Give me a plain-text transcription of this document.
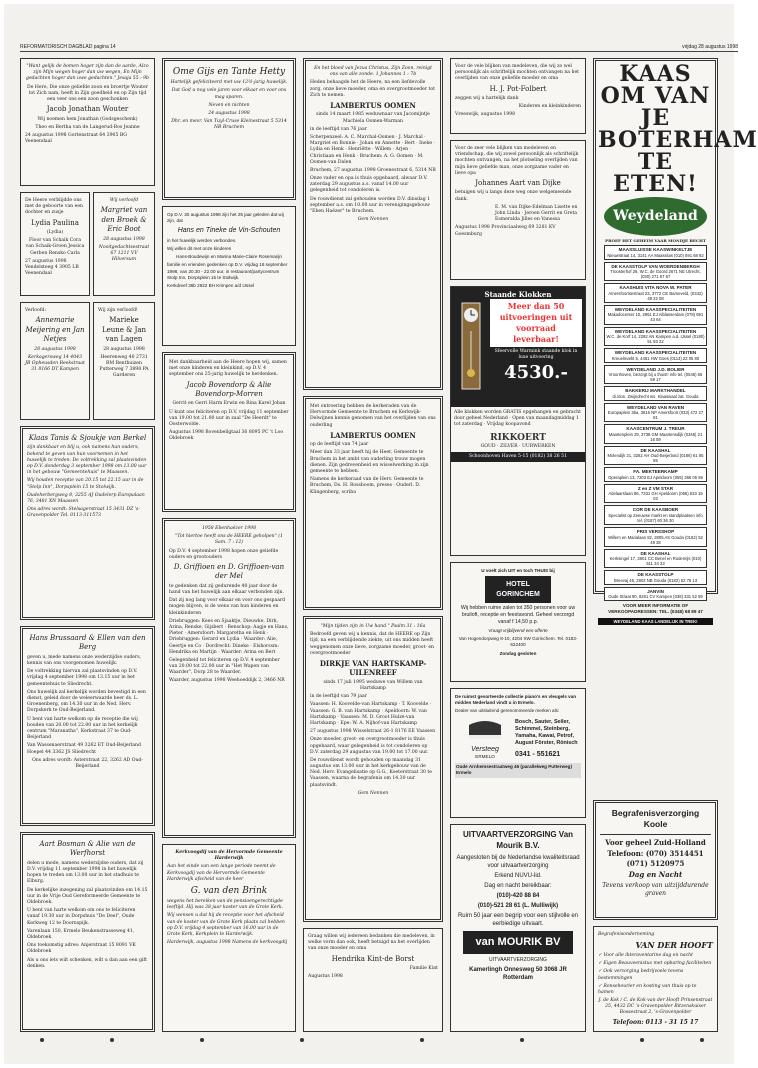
REFORMATORISCH DAGBLAD pagina 14	vrijdag 28 augustus 1998

"Want gelijk de bomen hoger zijn dan de aarde, Alzo zijn Mijn wegen hoger dan uw wegen, En Mijn gedachten hoger dan uwe gedachten." Jesaja 55 : 9b

De Here, Die onze geliefde zoon en broertje Wouter tot Zich nam, heeft in Zijn goedheid en op Zijn tijd een veer ons een zoon geschonken

Jacob Jonathan Wouter

Wij noemen hem Jonathan (Godsgeschenk)

Theo en Bertha van de Langerud-Bos Jeanne

24 augustus 1998 Gortenstraat 64 3905 BG Veenendaal

De Heere verblijdde ons met de geboorte van een dochter en zusje

Lydia Paulina

(Lydia)

Floor van Schaik Cora van Schaik-Groen Jessica Gerben Rensko Carla

27 augustus 1998 Vendelsteeg 4 3905 LB Veenendaal

Wij verloofd

Margriet van den Broek & Eric Boot

28 augustus 1998

Nooitgedachtsestraat 67 1211 VV Hilversum

Verloofd:

Annemarie Meijering en Jan Netjes

28 augustus 1998

Kerkagersweg 14 4043 JB Opheusden Beekstraat 31 8166 DT Kampen

Wij zijn verloofd!

Marieke Leune & Jan van Lagen

28 augustus 1998

Heerenweg 40 2731 BM Benthuizen Putterweg 7 3898 PA Garderen

Klaas Tanis & Sjoukje van Berkel

zijn dankbaar en blij u, ook namens hun ouders, bekend te geven van hun voornemen in het huwelijk te treden. De voltrekking zal plaatsvinden op D.V. donderdag 3 september 1998 om 13.00 uur in het gebouw "Gemeentehuis" te Maassen.

Wij houden receptie van 20.15 tot 22.15 uur in de "Stelp Inn", Dorpsplein 15 te Stolwijk.

Oudeherbergweg 8, 3255 AJ Oudelerp Europalaan 76, 3481 XN Maassen

Ons adres wordt: Stelsagerstraat 15 3431 DZ 's-Gravenpolder Tel. 0113-311573

Hans Brussaard & Ellen van den Berg

geven u, mede namens onze wederzijdse ouders, kennis van ons voorgenomen huwelijk.

De voltrekking hiervan zal plaatsvinden op D.V. vrijdag 4 september 1998 om 13.15 uur in het gemeentehuis te Sliedrecht.

Ons huwelijk zal kerkelijk worden bevestigd in een dienst, geleid door de weleerwaarde heer ds. L. Groenenberg, om 14.30 uur in de Ned. Herv. Dorpskerk te Oud-Beijerland.

U bent van harte welkom op de receptie die wij houden van 20.00 tot 22.00 uur in het kerkelijk centrum "Maranatha", Kerkstraat 37 te Oud-Beijerland

Van Wassenaerstraat 49 3262 ET Oud-Beijerland Hoepel 44 3362 JS Sliedrecht

Ons adres wordt: Asterstraat 22, 3262 AD Oud-Beijerland

Aart Bosman & Alie van de Werfhorst

delen u mede, namens wederzijdse ouders, dat zij D.V. vrijdag 11 september 1998 in het huwelijk hopen te treden om 13.00 uur in het stadhuis te Elburg.

De kerkelijke inzegening zal plaatsvinden om 14.15 uur in de Vrije Oud Gereformeerde Gemeente te Oldebroek.

U bent van harte welkom om ons te feliciteren vanaf 19.30 uur in Dorpshuis "De Deel", Oude Kerkweg 12 te Doornspijk.

Varenlaan 150, Ermelo Beukenstrasseweg 41, Oldebroek

Ons toekomstig adres: Anjerstraat 15 8091 VK Oldebroek

Als u ons iets wilt schenken, wilt u dan aan een gift denken.

Ome Gijs en Tante Hetty

Hartelijk gefeliciteerd met uw 12½-jarig huwelijk.

Dat God u nog vele jaren voor elkaar en voor ons mag sparen.

Neven en nichten

24 augustus 1998

Dhr. en mevr. Van Tuyl-Cruse Kleinestraat 5 5314 NB Bruchem

Op D.V. 30 augustus 1998 zijn het 25 jaar geleden dat wij zijn, dat

Hans en Tineke de Vin-Schouten

in het huwelijk werden verbonden.

Wij willen dit met onze kinderen

Hans-Boudewijn en Marina Marie-Claire Rosemarijn

familie en vrienden gedenken op D.V. vrijdag 18 september 1998, van 20.30 - 22.00 uur, in restaurant/partycentrum Stolp Inn, Dorpsplein 15 te Stolwijk.

Kerkdreef 36b 2922 BH Krimpen a/d IJssel

Met dankbaarheid aan de Heere hopen wij, samen met onze kinderen en kleinkind, op D.V. 4 september ons 25-jarig huwelijk te herdenken.

Jacob Bovendorp & Alie Bovendorp-Morren

Gerrit en Gerri Harm Erwin en Rina Karel Johan

U kunt ons feliciteren op D.V. vrijdag 11 september van 19.00 tot 21.00 uur in zaal "De Heerdt" te Oosterwolde.

Augustus 1998 Bovenbeligtaal 36 8095 PC 't Loo Oldebroek

1958 Ebenhaëzer 1998

"Tot hiertoe heeft ons de HEERE geholpen" (1 Sam. 7 : 12)

Op D.V. 4 september 1998 hopen onze geliefde ouders en grootouders

D. Griffioen en D. Griffioen-van der Mel

te gedenken dat zij gedurende 40 jaar door de hand van het huwelijk aan elkaar verbonden zijn.

Dat zij nog lang voor elkaar en voor ons gespaard mogen blijven, is de wens van hun kinderen en kleinkinderen

Driebruggen: Kees en Sjaaktje, Dieuwke, Dirk, Arina, Renske, Gijsbert · Benschop: Aagje en Hans, Pieter · Amersfoort: Margaretha en Henk · Driebruggen: Gerard en Lydia · Waarder: Alie, Geertje en Co · Dordrecht: Dineke · Elshorssm: Hendrika en Martijn · Waarder: Arina en Bert

Gelegenheid tot feliciteren op D.V. 4 september van 20.00 tot 22.00 uur in "Het Wapen van Waarder", Dorp 28 te Waarder.

Waarder, augustus 1998 Weehoeddijk 2, 3466 NR

Kerkvoogdij van de Hervormde Gemeente Harderwijk

Aan het einde van een lange periode neemt de Kerkvoogdij van de Hervormde Gemeente Harderwijk afscheid van de heer

G. van den Brink

wegens het bereiken van de pensioengerechtigde leeftijd. Hij was 38 jaar koster van de Grote Kerk.

Wij wensen u dat hij de receptie voor het afscheid van de koster van de Grote Kerk plaats zal hebben op D.V. vrijdag 4 september van 16.00 uur in de Grote Kerk, Kerkplein te Harderwijk.

Harderwijk, augustus 1998 Namens de kerkvoogdij

En het bloed van Jezus Christus, Zijn Zoon, reinigt ons van alle zonde. 1 Johannes 1 : 7b

Heden behaagde het de Heere, na een liefdevolle zorg, onze lieve moeder, oma en overgrootmoeder tot Zich te nemen.

LAMBERTUS OOMEN

sinds 14 maart 1985 weduwnaar van Jacomijntje Machiela Oomen-Warman

in de leeftijd van 76 jaar

Scherpenzeel: A. C. Marchal-Oomen · J. Marchal · Margriet en Bonnie · Johan en Annette · Bert · Ineke · Lydia en Henk · Henriëtte · Willem · Arjen · Christiaan en Henk · Bruchem: A. G. Oomen · M. Oomen-van Dalen

Bruchem, 27 augustus 1998 Groenestraat 6, 5314 NB

Onze vader en opa is thuis opgebaard, alwaar D.V. zaterdag 29 augustus a.s. vanaf 14.00 uur gelegenheid tot condoleren is.

De rouwdienst zal gehouden worden D.V. dinsdag 1 september a.s. om 10.00 uur in verenigingsgebouw "Eben Haëzer" te Bruchem.

Gem Nennen

Met ontroering hebben de kerkeraden van de Hervormde Gemeente te Bruchem en Kerkwijk-Delwijnen kennis genomen van het overlijden van ons ouderling

LAMBERTUS OOMEN

op de leeftijd van 74 jaar

Meer dan 33 jaar heeft hij de Heer, Gemeente te Bruchem in het ambt van ouderling trouw mogen dienen. Zijn gedrevenheid en wisselwerking in zijn gemeente te hebben.

Namens de kerkeraad van de Herv. Gemeente te Bruchem, Ds. H. Rossboom, preses · Ouderl. D. Klingenberg, scriba

"Mijn tijden zijn in Uw hand." Psalm 31 : 16a

Bedroefd geven wij u kennis, dat de HEERE op Zijn tijd, na een verblijdende ziekte, uit ons midden heeft weggenomen onze lieve, zorgzame moeder, groot- en overgrootmoeder

DIRKJE VAN HARTSKAMP-UILENREEF

sinds 17 juli 1995 weduwe van Willem van Hartskamp

in de leeftijd van 79 jaar

Vaassen: H. Koovelde-van Hartskamp · T. Koovelde · Vaassen: G. B. van Hartskamp · Apeldoorn: W. van Hartskamp · Vaassen: M. D. Groot Hulze-van Hartskamp · Epe: W. A. Nijhof-van Hartskamp

27 augustus 1998 Wisselstraat 26-1 8176 EE Vaassen

Onze moeder, groot- en overgrootmoeder is thuis opgebaard, waar gelegenheid is tot condoleren op D.V. zaterdag 29 augustus van 19.00 tot 17.00 uur.

De rouwdienst wordt gehouden op maandag 31 augustus om 13.00 uur in het kerkgebouw van de Ned. Herv. Evangelisatie op G.G., Koeterstraat 30 te Vaassen, waarna de begrafenis om 14.30 uur plaatsvindt.

Gem Nennen

Graag willen wij iedereen bedanken die medeleven, in welke vorm dan ook, heeft betuigd na het overlijden van onze moeder en oma

Hendrika Kint-de Borst

Familie Kint

Augustus 1998

Voor de vele blijken van medeleven, die wij zo wel persoonlijk als schriftelijk mochten ontvangen na het overlijden van onze geliefde moeder en oma

H. J. Pot-Folbert

zeggen wij u hartelijk dank

Kinderen en kleinkinderen

Vreeswijk, augustus 1998

Voor de zeer vele blijken van medeleven en vriendschap, die wij zowel persoonlijk als schriftelijk mochten ontvangen, na het plotseling overlijden van mijn lieve geliefde man, onze zorgzame vader en lieve opa

Johannes Aart van Dijke

betuigen wij u langs deze weg onze welgemeende dank.

E. M. van Dijke-Edelman Lisette en John Linda · Jeroen Gerrit en Greta Esmeralda Jilles en Vanessa

Augustus 1998 Provinciaalweg 69 3281 KV Goesmburg

Staande Klokken
Meer dan 50 uitvoeringen uit voorraad leverbaar!
Sfeervolle Warmink staande klok in luxe uitvoering
4530.-
Alle klokken worden GRATIS opgehangen en gebracht door geheel Nederland · Open van maandagmiddag 1 tot zaterdag · Vrijdag koopavond
RIKKOERT
GOUD · ZILVER · UURWERKEN
Schoonhoven Haven 5-15 (0182) 38 26 51

U voelt zich UIT en toch THUIS bij

HOTEL GORINCHEM

Wij hebben ruime zalen tot 350 personen voor uw bruiloft, receptie en feestavond. Geheel verzorgd vanaf f 14,50 p.p.

Vraagt vrijblijvend een offerte

Van Hogendorpweg 8-10, 4204 XW Gorinchem. Tel. 0183-622400

Zondag gesloten

De ruimst gesorteerde collectie piano's en vleugels van midden Nederland vindt u in Ermelo.

Dealer van uitsluitend gerenommeerde merken als:

Versteeg
ERMELO

Bosch, Sauter, Seiler, Schimmel, Steinberg, Yamaha, Kawai, Petrof, August Förster, Rönisch

0341 - 551621

Oude Arnhemsestraatweg 46 (parallelweg Putterweg) Ermelo

UITVAARTVERZORGING Van Mourik B.V.

Aangesloten bij de Nederlandse kwaliteitsraad voor uitvaartverzorging

Erkend NUVU-lid.

Dag en nacht bereikbaar:

(010)-420 88 84

(010)-521 28 61 (L. Mulliwijk)

Ruim 50 jaar een begrip voor een stijlvolle en eerbiedige uitvaart.

van MOURIK BV

UITVAARTVERZORGING

Kamerlingh Onnesweg 50 3068 JR Rotterdam

KAAS OM VAN JE BOTERHAM TE ETEN!
Weydeland
PROEF HET GEHEIM VAAR MONDJE BECHT
MAASSLUISSE KAASWINKELTJE
Nieuwstraat 14, 3141 AA Maassluis (010) 591 68 92
DE KAASSTOLP VAN WOERDENBERGH
Troosterhof 26, W.C. de Goord 2671 NE Utrecht, (030) 271 67 57
KAASHUIS VITA NOVA W. PATER
Amersfoortsestraat 23, 3772 CE Barneveld, (0342) 49 22 08
WEYDELAND KAASSPECIALITEITEN
Makadocenter 10, 2951 EJ Alblasserdam (078) 691 43 64
WEYDELAND KAASSPECIALITEITEN
W.C. de Korf 14, 2292 AN Kampen a.d. IJssel (0180) 51 93 22
WEYDELAND KAASSPECIALITEITEN
Kreuelmarkt 5, 4461 HW Goes (0113) 22 05 80
WEYDELAND J.D. BOLIER
Vroonhoven, bezorgt bij u thuis!! info tel. (0546) 56 59 17
BAKKERIJ MARKTHANDEL
di./don. Zwijndrecht wo. Klaaswaal zat. Gouda
WEYDELAND VAN RAVEN
Europaplein 36a, 3616 NP Amersfoort (033) 472 27 81
KAASCENTRUM J. TREUR
Maartenplein 29, 3738 GM Maartensdijk (0346) 21 16 59
DE KAASHAL
Molendijk 21, 3262 AH Oud-Beijerland (0186) 61 65 85
FA. MEKTEERKAMP
Operaplein 13, 7203 EJ Apeldoorn (055) 366 05 59
Z en Z VM STAR
Adelaarslaan 86, 7331 GH Apeldoorn (055) 533 19 03
COR DE KAASBOER
Specialist op Zeeuwse markt en standplaatsen info tel. (0187) 60 36 30
FRIS VERSSHOP
Willem en Marialaan 82, 2805 AS Gouda (0182) 52 49 28
DE KAASHAL
Kerksingel 17, 2801 CC Benel en Rodenrijs (010) 511 34 33
DE KAASSTOLP
Breevaj 45, 2802 NB Gouda (0182) 52 76 13
JANVIN
Oude Straat 90, 8261 CV Kampen (038) 331 52 59
VOOR MEER INFORMATIE OF VERKOOPADRESSEN: TEL. (0348) 68 89 47
WEYDELAND KAAS LANDELIJK IN TREK!

Begrafenisverzorging Koole

Voor geheel Zuid-Holland

Telefoon: (070) 3514451 (071) 5120975

Dag en Nacht

Tevens verkoop van uitzijddurende graven

Begrafenisonderneming

VAN DER HOOFT

✓ Voor alle ikteraventarine dag en nacht

✓ Eigen Beauveenistus met opbaring faciliteiten

✓ Ook verzorging bedrijvoele tevens bestemmingen

✓ Ronseheurier en kosting van thuis op te hamen

J. de Kok / C. de Kok-van der Hooft Prinsenstraat 25, 4432 DC 's-Gravenpolder Ritzenskuiser Bossestraat 2, 's-Gravenpolder

Telefoon: 0113 - 31 15 17
